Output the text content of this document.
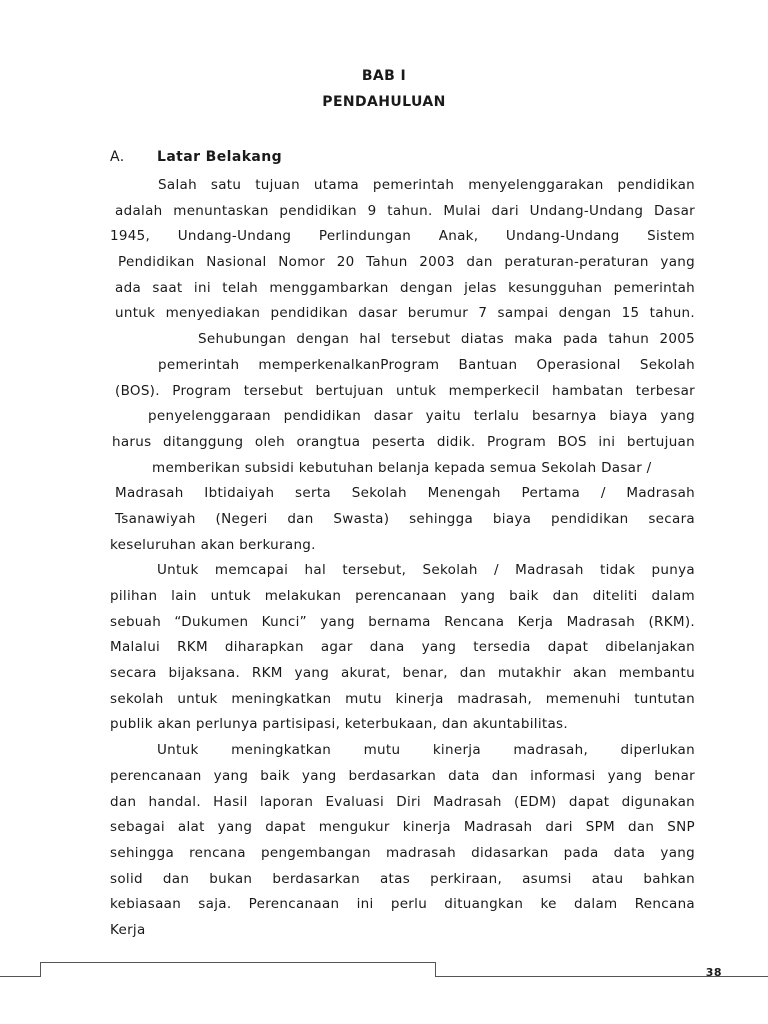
BAB I
PENDAHULUAN
A. Latar Belakang
Salah satu tujuan utama pemerintah menyelenggarakan pendidikan
adalah menuntaskan pendidikan 9 tahun. Mulai dari Undang-Undang Dasar
1945, Undang-Undang Perlindungan Anak, Undang-Undang Sistem
Pendidikan Nasional Nomor 20 Tahun 2003 dan peraturan-peraturan yang
ada saat ini telah menggambarkan dengan jelas kesungguhan pemerintah
untuk menyediakan pendidikan dasar berumur 7 sampai dengan 15 tahun.
Sehubungan dengan hal tersebut diatas maka pada tahun 2005
pemerintah memperkenalkanProgram Bantuan Operasional Sekolah
(BOS). Program tersebut bertujuan untuk memperkecil hambatan terbesar
penyelenggaraan pendidikan dasar yaitu terlalu besarnya biaya yang
harus ditanggung oleh orangtua peserta didik. Program BOS ini bertujuan
memberikan subsidi kebutuhan belanja kepada semua Sekolah Dasar /
Madrasah Ibtidaiyah serta Sekolah Menengah Pertama / Madrasah
Tsanawiyah (Negeri dan Swasta) sehingga biaya pendidikan secara
keseluruhan akan berkurang.
Untuk memcapai hal tersebut, Sekolah / Madrasah tidak punya
pilihan lain untuk melakukan perencanaan yang baik dan diteliti dalam
sebuah “Dukumen Kunci” yang bernama Rencana Kerja Madrasah (RKM).
Malalui RKM diharapkan agar dana yang tersedia dapat dibelanjakan
secara bijaksana. RKM yang akurat, benar, dan mutakhir akan membantu
sekolah untuk meningkatkan mutu kinerja madrasah, memenuhi tuntutan
publik akan perlunya partisipasi, keterbukaan, dan akuntabilitas.
Untuk meningkatkan mutu kinerja madrasah, diperlukan
perencanaan yang baik yang berdasarkan data dan informasi yang benar
dan handal. Hasil laporan Evaluasi Diri Madrasah (EDM) dapat digunakan
sebagai alat yang dapat mengukur kinerja Madrasah dari SPM dan SNP
sehingga rencana pengembangan madrasah didasarkan pada data yang
solid dan bukan berdasarkan atas perkiraan, asumsi atau bahkan
kebiasaan saja. Perencanaan ini perlu dituangkan ke dalam Rencana
Kerja
38
